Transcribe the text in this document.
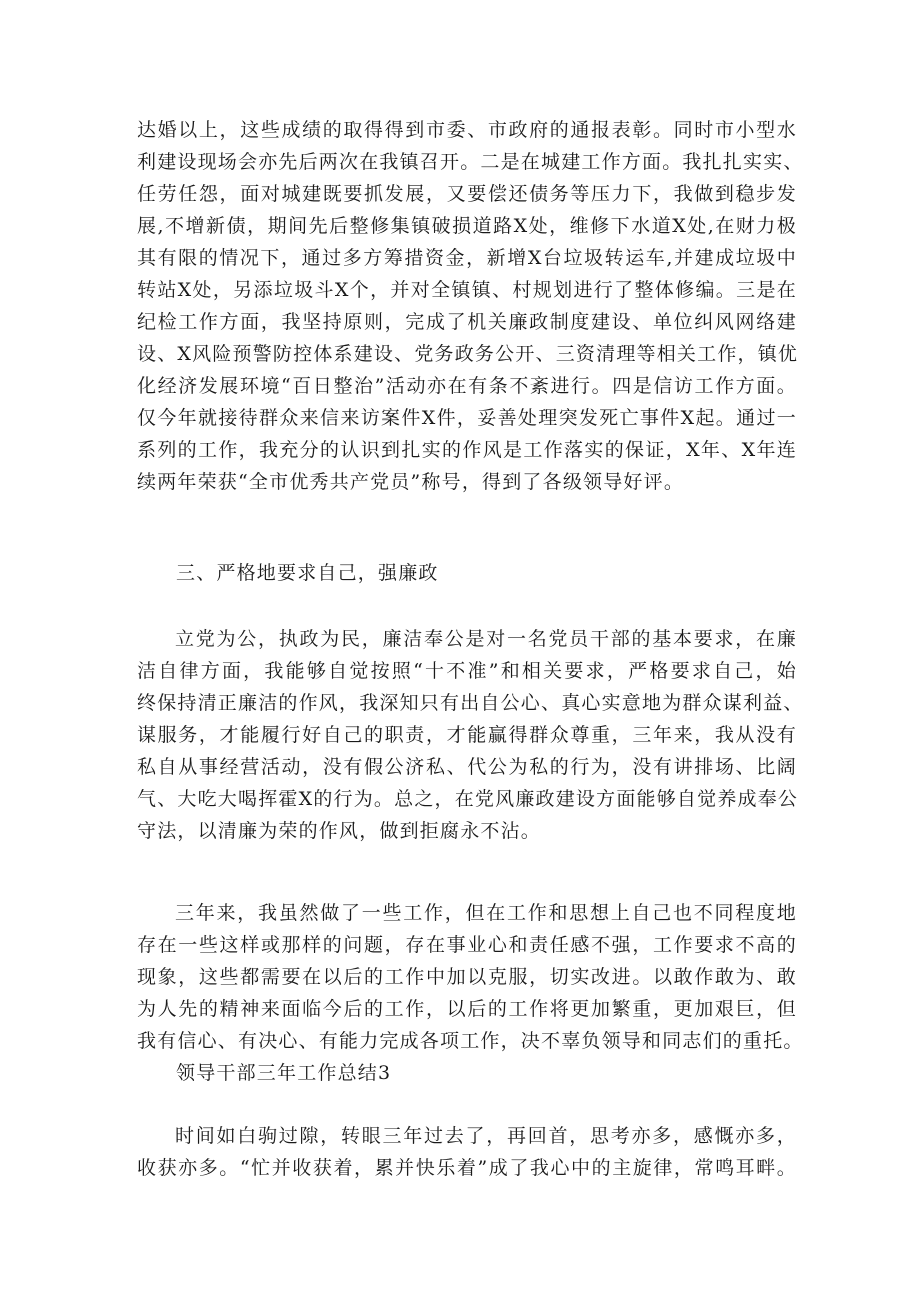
达婚以上，这些成绩的取得得到市委、市政府的通报表彰。同时市小型水
利建设现场会亦先后两次在我镇召开。二是在城建工作方面。我扎扎实实、
任劳任怨，面对城建既要抓发展，又要偿还债务等压力下，我做到稳步发
展,不增新债，期间先后整修集镇破损道路X处，维修下水道X处,在财力极
其有限的情况下，通过多方筹措资金，新增X台垃圾转运车,并建成垃圾中
转站X处，另添垃圾斗X个，并对全镇镇、村规划进行了整体修编。三是在
纪检工作方面，我坚持原则，完成了机关廉政制度建设、单位纠风网络建
设、X风险预警防控体系建设、党务政务公开、三资清理等相关工作，镇优
化经济发展环境“百日整治”活动亦在有条不紊进行。四是信访工作方面。
仅今年就接待群众来信来访案件X件，妥善处理突发死亡事件X起。通过一
系列的工作，我充分的认识到扎实的作风是工作落实的保证，X年、X年连
续两年荣获“全市优秀共产党员”称号，得到了各级领导好评。

三、严格地要求自己，强廉政

立党为公，执政为民，廉洁奉公是对一名党员干部的基本要求，在廉
洁自律方面，我能够自觉按照“十不准”和相关要求，严格要求自己，始
终保持清正廉洁的作风，我深知只有出自公心、真心实意地为群众谋利益、
谋服务，才能履行好自己的职责，才能赢得群众尊重，三年来，我从没有
私自从事经营活动，没有假公济私、代公为私的行为，没有讲排场、比阔
气、大吃大喝挥霍X的行为。总之，在党风廉政建设方面能够自觉养成奉公
守法，以清廉为荣的作风，做到拒腐永不沾。
三年来，我虽然做了一些工作，但在工作和思想上自己也不同程度地
存在一些这样或那样的问题，存在事业心和责任感不强，工作要求不高的
现象，这些都需要在以后的工作中加以克服，切实改进。以敢作敢为、敢
为人先的精神来面临今后的工作，以后的工作将更加繁重，更加艰巨，但
我有信心、有决心、有能力完成各项工作，决不辜负领导和同志们的重托。

领导干部三年工作总结3

时间如白驹过隙，转眼三年过去了，再回首，思考亦多，感慨亦多，
收获亦多。“忙并收获着，累并快乐着”成了我心中的主旋律，常鸣耳畔。
